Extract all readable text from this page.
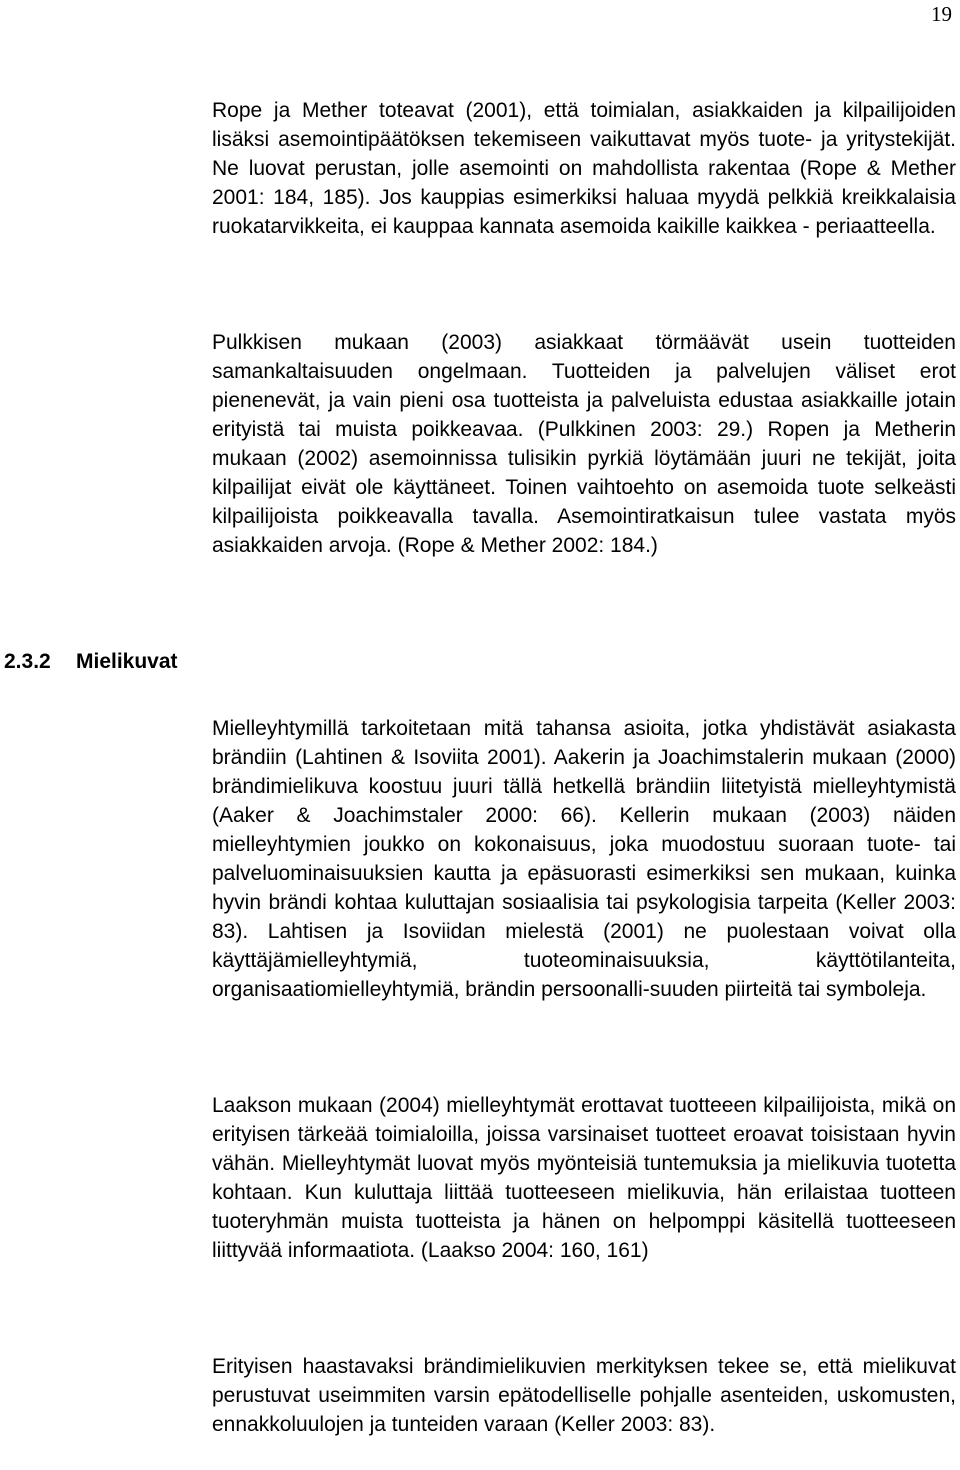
19

Rope ja Mether toteavat (2001), että toimialan, asiakkaiden ja kilpailijoiden lisäksi asemointipäätöksen tekemiseen vaikuttavat myös tuote- ja yritystekijät. Ne luovat perustan, jolle asemointi on mahdollista rakentaa (Rope & Mether 2001: 184, 185). Jos kauppias esimerkiksi haluaa myydä pelkkiä kreikkalaisia ruokatarvikkeita, ei kauppaa kannata asemoida kaikille kaikkea - periaatteella.

Pulkkisen mukaan (2003) asiakkaat törmäävät usein tuotteiden samankaltaisuuden ongelmaan. Tuotteiden ja palvelujen väliset erot pienenevät, ja vain pieni osa tuotteista ja palveluista edustaa asiakkaille jotain erityistä tai muista poikkeavaa. (Pulkkinen 2003: 29.) Ropen ja Metherin mukaan (2002) asemoinnissa tulisikin pyrkiä löytämään juuri ne tekijät, joita kilpailijat eivät ole käyttäneet. Toinen vaihtoehto on asemoida tuote selkeästi kilpailijoista poikkeavalla tavalla. Asemointiratkaisun tulee vastata myös asiakkaiden arvoja. (Rope & Mether 2002: 184.)

2.3.2 Mielikuvat

Mielleyhtymillä tarkoitetaan mitä tahansa asioita, jotka yhdistävät asiakasta brändiin (Lahtinen & Isoviita 2001). Aakerin ja Joachimstalerin mukaan (2000) brändimielikuva koostuu juuri tällä hetkellä brändiin liitetyistä mielleyhtymistä (Aaker & Joachimstaler 2000: 66). Kellerin mukaan (2003) näiden mielleyhtymien joukko on kokonaisuus, joka muodostuu suoraan tuote- tai palveluominaisuuksien kautta ja epäsuorasti esimerkiksi sen mukaan, kuinka hyvin brändi kohtaa kuluttajan sosiaalisia tai psykologisia tarpeita (Keller 2003: 83). Lahtisen ja Isoviidan mielestä (2001) ne puolestaan voivat olla käyttäjämielleyhtymiä, tuoteominaisuuksia, käyttötilanteita, organisaatiomielleyhtymiä, brändin persoonalli-suuden piirteitä tai symboleja.

Laakson mukaan (2004) mielleyhtymät erottavat tuotteeen kilpailijoista, mikä on erityisen tärkeää toimialoilla, joissa varsinaiset tuotteet eroavat toisistaan hyvin vähän. Mielleyhtymät luovat myös myönteisiä tuntemuksia ja mielikuvia tuotetta kohtaan. Kun kuluttaja liittää tuotteeseen mielikuvia, hän erilaistaa tuotteen tuoteryhmän muista tuotteista ja hänen on helpomppi käsitellä tuotteeseen liittyvää informaatiota. (Laakso 2004: 160, 161)

Erityisen haastavaksi brändimielikuvien merkityksen tekee se, että mielikuvat perustuvat useimmiten varsin epätodelliselle pohjalle asenteiden, uskomusten, ennakkoluulojen ja tunteiden varaan (Keller 2003: 83).
